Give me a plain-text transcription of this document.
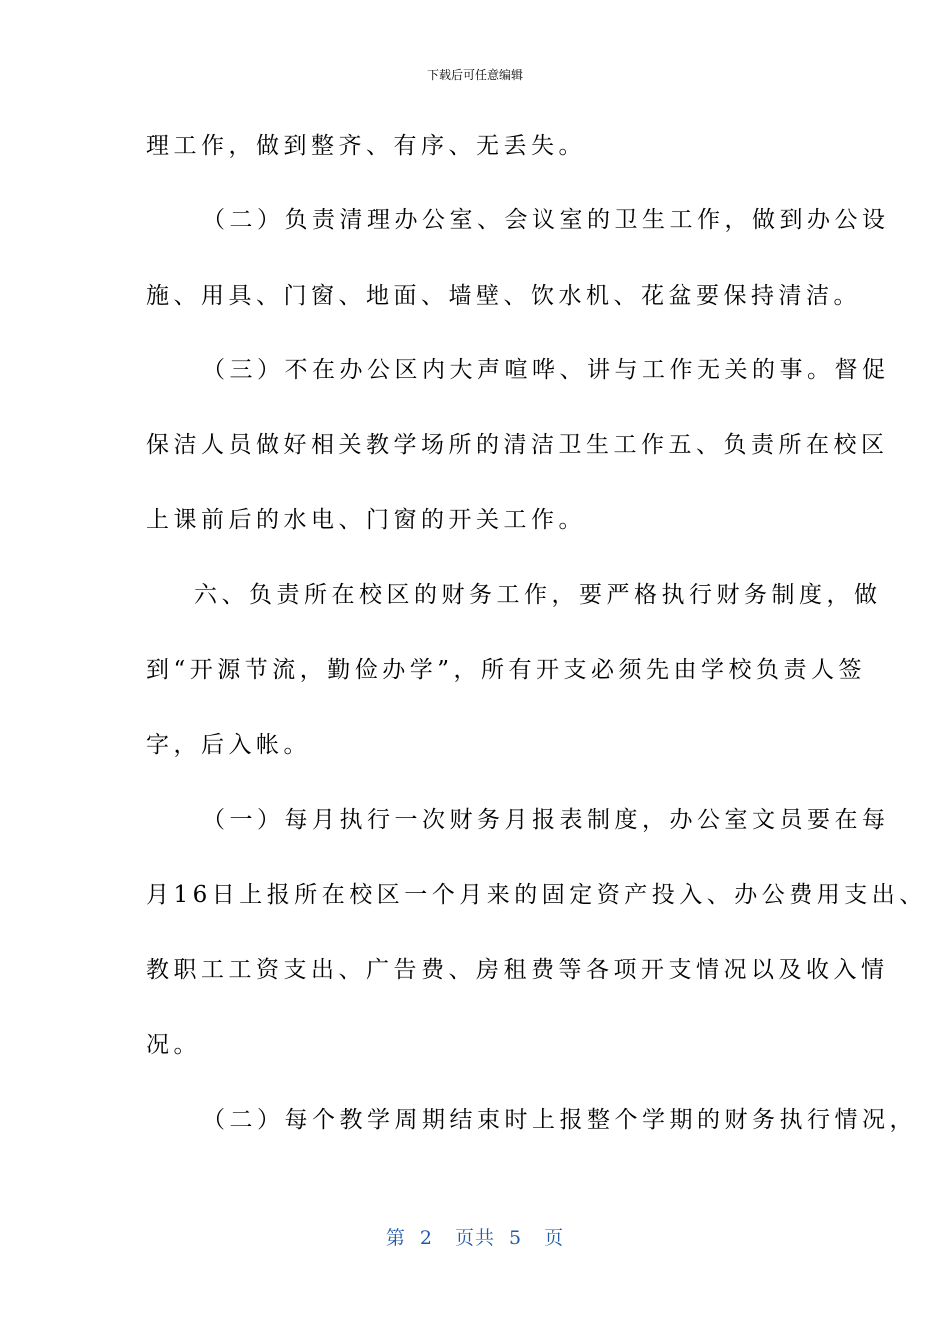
下载后可任意编辑
理工作，做到整齐、有序、无丢失。
（二）负责清理办公室、会议室的卫生工作，做到办公设
施、用具、门窗、地面、墙壁、饮水机、花盆要保持清洁。
（三）不在办公区内大声喧哗、讲与工作无关的事。督促
保洁人员做好相关教学场所的清洁卫生工作五、负责所在校区
上课前后的水电、门窗的开关工作。
六、负责所在校区的财务工作，要严格执行财务制度，做
到“开源节流，勤俭办学”，所有开支必须先由学校负责人签
字，后入帐。
（一）每月执行一次财务月报表制度，办公室文员要在每
月16日上报所在校区一个月来的固定资产投入、办公费用支出、
教职工工资支出、广告费、房租费等各项开支情况以及收入情
况。
（二）每个教学周期结束时上报整个学期的财务执行情况，
第 2 页共 5 页
